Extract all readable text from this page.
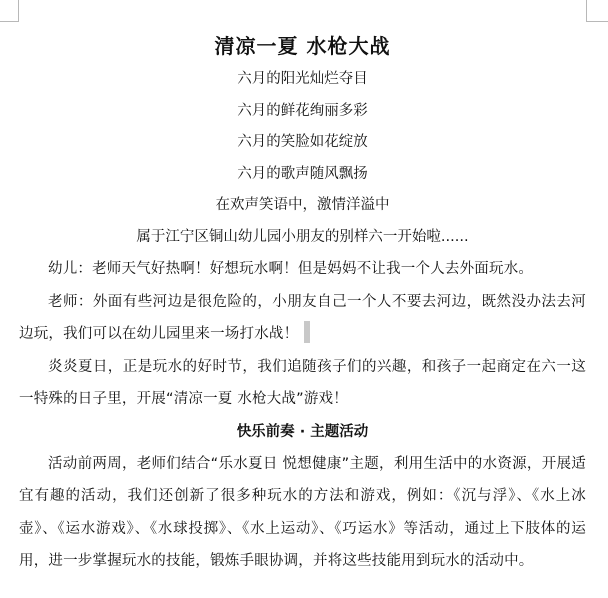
清凉一夏 水枪大战

六月的阳光灿烂夺目

六月的鲜花绚丽多彩

六月的笑脸如花绽放

六月的歌声随风飘扬

在欢声笑语中，激情洋溢中

属于江宁区铜山幼儿园小朋友的别样六一开始啦......

幼儿：老师天气好热啊！好想玩水啊！但是妈妈不让我一个人去外面玩水。

老师：外面有些河边是很危险的，小朋友自己一个人不要去河边，既然没办法去河边玩，我们可以在幼儿园里来一场打水战！

炎炎夏日，正是玩水的好时节，我们追随孩子们的兴趣，和孩子一起商定在六一这一特殊的日子里，开展“清凉一夏 水枪大战”游戏！

快乐前奏 · 主题活动

活动前两周，老师们结合“乐水夏日 悦想健康”主题，利用生活中的水资源，开展适宜有趣的活动，我们还创新了很多种玩水的方法和游戏，例如：《沉与浮》、《水上冰壶》、《运水游戏》、《水球投掷》、《水上运动》、《巧运水》等活动，通过上下肢体的运用，进一步掌握玩水的技能，锻炼手眼协调，并将这些技能用到玩水的活动中。
